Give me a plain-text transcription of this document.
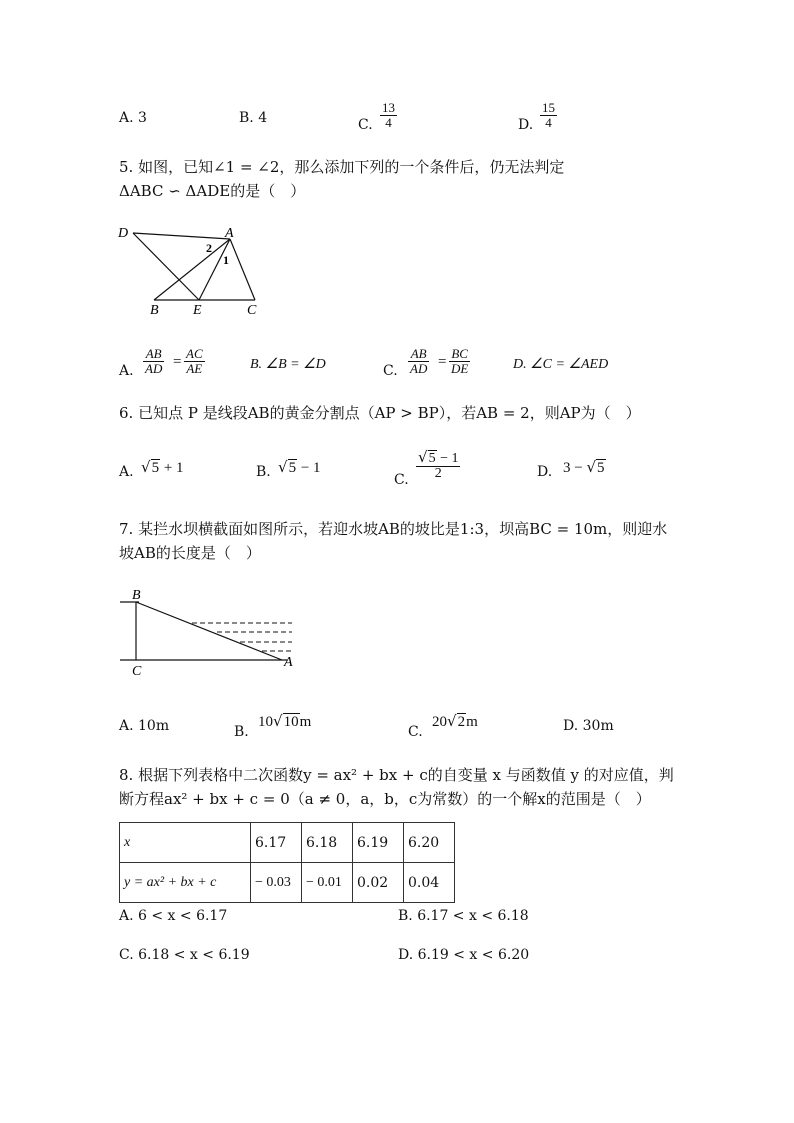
A. 3	B. 4	C. $\frac{13}{4}$	D. $\frac{15}{4}$
5. 如图，已知∠1 = ∠2，那么添加下列的一个条件后，仍无法判定
ΔABC ∽ ΔADE的是（　）
D	A
2
1
B E	C
A. $\frac{AB}{AD} = \frac{AC}{AE}$	B. ∠B = ∠D	C. $\frac{AB}{AD} = \frac{BC}{DE}$	D. ∠C = ∠AED
6. 已知点 P 是线段AB的黄金分割点（AP > BP），若AB = 2，则AP为（　）
A. √5 + 1	B. √5 − 1
C. $\frac{√5 - 1}{2}$	D. 3 − √5
7. 某拦水坝横截面如图所示，若迎水坡AB的坡比是1:3，坝高BC = 10m，则迎水
坡AB的长度是（　）
B
C
A
A. 10m	B.
10√10m
C.
20√2m	D. 30m
8. 根据下列表格中二次函数y = ax² + bx + c的自变量 x 与函数值 y 的对应值，判
断方程ax² + bx + c = 0（a ≠ 0，a，b，c为常数）的一个解x的范围是（　）
x	6.17	6.18	6.19	6.20
y = ax² + bx + c	− 0.03	− 0.01	0.02	0.04
A. 6 < x < 6.17	B. 6.17 < x < 6.18
C. 6.18 < x < 6.19	D. 6.19 < x < 6.20
